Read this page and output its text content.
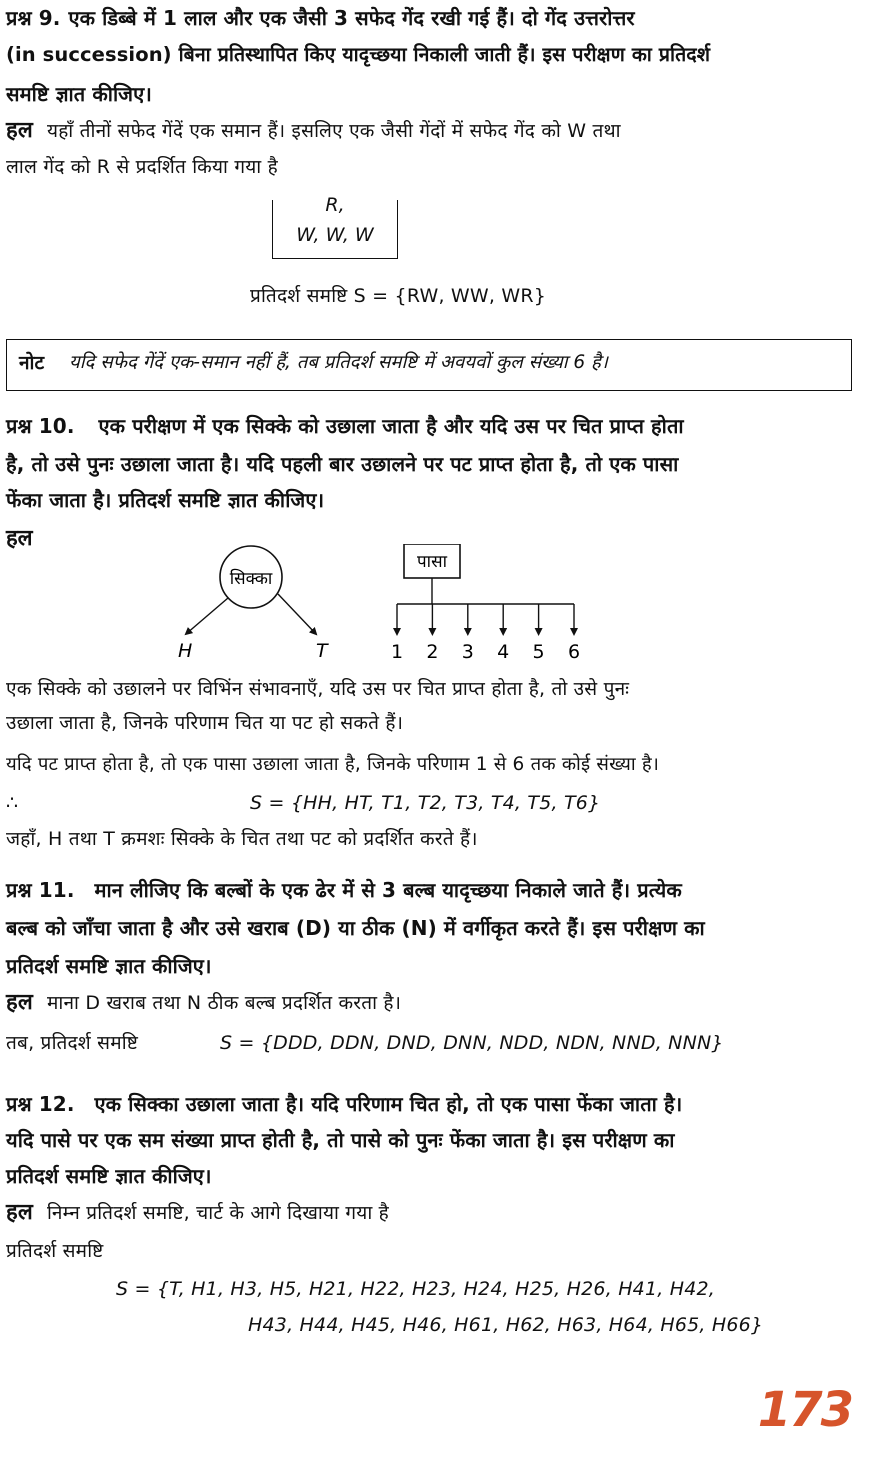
प्रश्न 9. एक डिब्बे में 1 लाल और एक जैसी 3 सफेद गेंद रखी गई हैं। दो गेंद उत्तरोत्तर
(in succession) बिना प्रतिस्थापित किए यादृच्छया निकाली जाती हैं। इस परीक्षण का प्रतिदर्श
समष्टि ज्ञात कीजिए।
हल यहाँ तीनों सफेद गेंदें एक समान हैं। इसलिए एक जैसी गेंदों में सफेद गेंद को W तथा
लाल गेंद को R से प्रदर्शित किया गया है
R,
W, W, W
प्रतिदर्श समष्टि S = {RW, WW, WR}
नोट यदि सफेद गेंदें एक-समान नहीं हैं, तब प्रतिदर्श समष्टि में अवयवों कुल संख्या 6 है।
प्रश्न 10. एक परीक्षण में एक सिक्के को उछाला जाता है और यदि उस पर चित प्राप्त होता
है, तो उसे पुनः उछाला जाता है। यदि पहली बार उछालने पर पट प्राप्त होता है, तो एक पासा
फेंका जाता है। प्रतिदर्श समष्टि ज्ञात कीजिए।
हल
सिक्का
H	T
पासा
1 2 3 4 5 6
एक सिक्के को उछालने पर विभिंन संभावनाएँ, यदि उस पर चित प्राप्त होता है, तो उसे पुनः
उछाला जाता है, जिनके परिणाम चित या पट हो सकते हैं।
यदि पट प्राप्त होता है, तो एक पासा उछाला जाता है, जिनके परिणाम 1 से 6 तक कोई संख्या है।
∴	S = {HH, HT, T1, T2, T3, T4, T5, T6}
जहाँ, H तथा T क्रमशः सिक्के के चित तथा पट को प्रदर्शित करते हैं।
प्रश्न 11. मान लीजिए कि बल्बों के एक ढेर में से 3 बल्ब यादृच्छया निकाले जाते हैं। प्रत्येक
बल्ब को जाँचा जाता है और उसे खराब (D) या ठीक (N) में वर्गीकृत करते हैं। इस परीक्षण का
प्रतिदर्श समष्टि ज्ञात कीजिए।
हल माना D खराब तथा N ठीक बल्ब प्रदर्शित करता है।
तब, प्रतिदर्श समष्टि	S = {DDD, DDN, DND, DNN, NDD, NDN, NND, NNN}
प्रश्न 12. एक सिक्का उछाला जाता है। यदि परिणाम चित हो, तो एक पासा फेंका जाता है।
यदि पासे पर एक सम संख्या प्राप्त होती है, तो पासे को पुनः फेंका जाता है। इस परीक्षण का
प्रतिदर्श समष्टि ज्ञात कीजिए।
हल निम्न प्रतिदर्श समष्टि, चार्ट के आगे दिखाया गया है
प्रतिदर्श समष्टि
S = {T, H1, H3, H5, H21, H22, H23, H24, H25, H26, H41, H42,
H43, H44, H45, H46, H61, H62, H63, H64, H65, H66}
173
